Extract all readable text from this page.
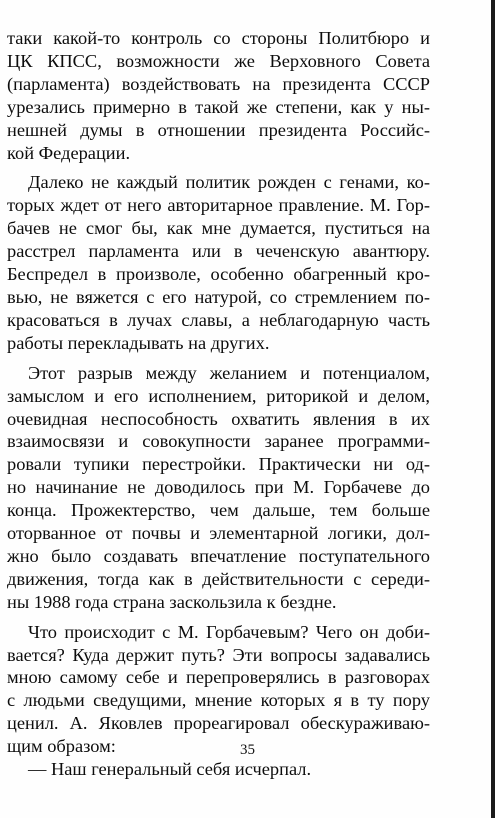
таки какой-то контроль со стороны Политбюро и
ЦК КПСС, возможности же Верховного Совета
(парламента) воздействовать на президента СССР
урезались примерно в такой же степени, как у ны-
нешней думы в отношении президента Российс-
кой Федерации.
Далеко не каждый политик рожден с генами, ко-
торых ждет от него авторитарное правление. М. Гор-
бачев не смог бы, как мне думается, пуститься на
расстрел парламента или в чеченскую авантюру.
Беспредел в произволе, особенно обагренный кро-
вью, не вяжется с его натурой, со стремлением по-
красоваться в лучах славы, а неблагодарную часть
работы перекладывать на других.
Этот разрыв между желанием и потенциалом,
замыслом и его исполнением, риторикой и делом,
очевидная неспособность охватить явления в их
взаимосвязи и совокупности заранее программи-
ровали тупики перестройки. Практически ни од-
но начинание не доводилось при М. Горбачеве до
конца. Прожектерство, чем дальше, тем больше
оторванное от почвы и элементарной логики, дол-
жно было создавать впечатление поступательного
движения, тогда как в действительности с середи-
ны 1988 года страна заскользила к бездне.
Что происходит с М. Горбачевым? Чего он доби-
вается? Куда держит путь? Эти вопросы задавались
мною самому себе и перепроверялись в разговорах
с людьми сведущими, мнение которых я в ту пору
ценил. А. Яковлев прореагировал обескураживаю-
щим образом:
— Наш генеральный себя исчерпал.
35
